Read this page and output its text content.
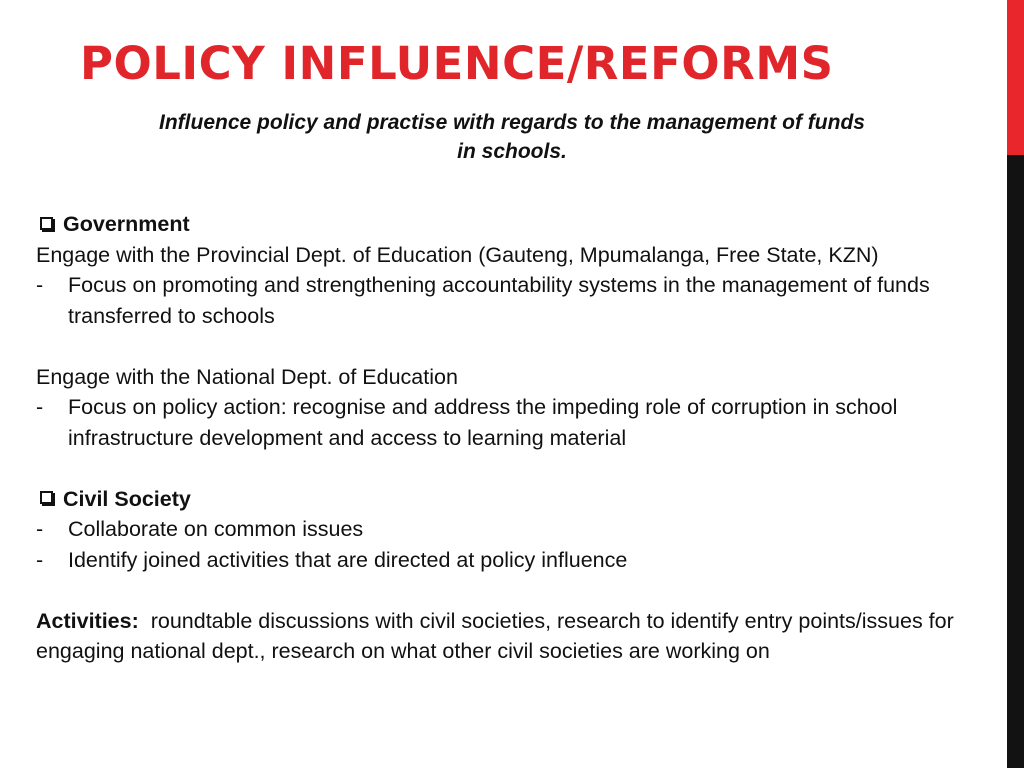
POLICY INFLUENCE/REFORMS
Influence policy and practise with regards to the management of funds
in schools.
Government
Engage with the Provincial Dept. of Education (Gauteng, Mpumalanga, Free State, KZN)
-	Focus on promoting and strengthening accountability systems in the management of funds transferred to schools
Engage with the National Dept. of Education
-	Focus on policy action: recognise and address the impeding role of corruption in school infrastructure development and access to learning material
Civil Society
-	Collaborate on common issues
-	Identify joined activities that are directed at policy influence
Activities: roundtable discussions with civil societies, research to identify entry points/issues for engaging national dept., research on what other civil societies are working on
